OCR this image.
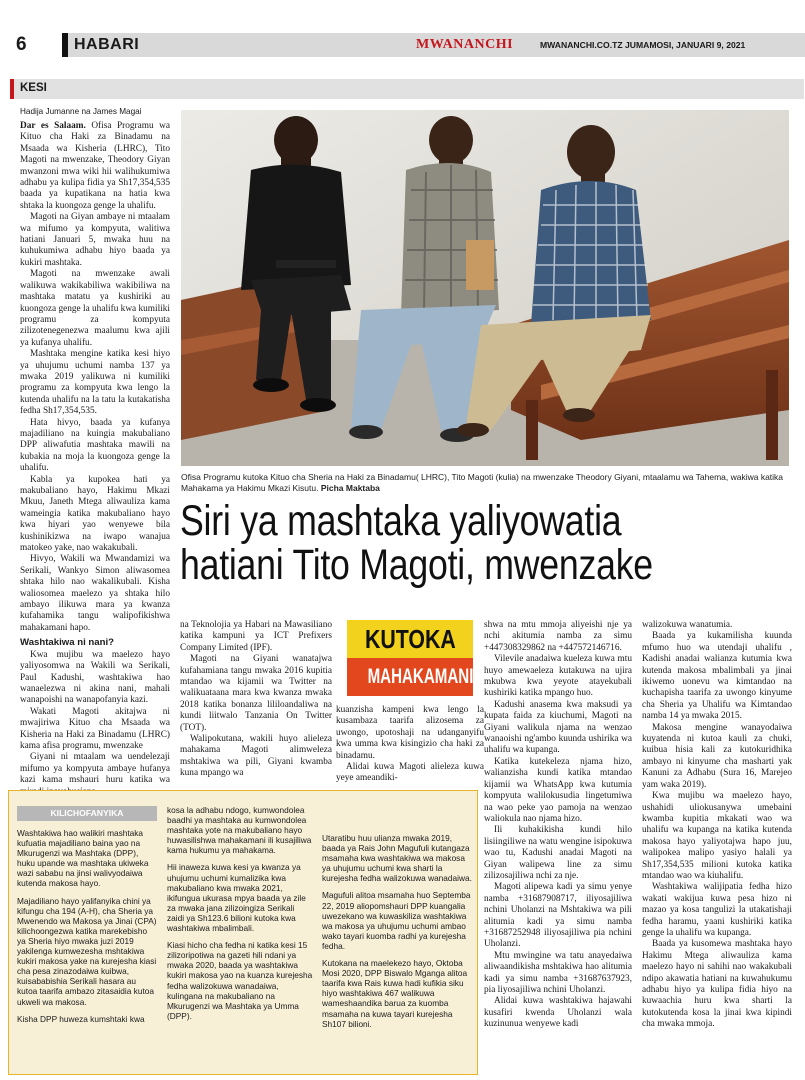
6	HABARI	MWANANCHI	MWANANCHI.CO.TZ JUMAMOSI, JANUARI 9, 2021
KESI
Hadija Jumanne na James Magai

Dar es Salaam. Ofisa Programu wa Kituo cha Haki za Binadamu na Msaada wa Kisheria (LHRC), Tito Magoti na mwenzake, Theodory Giyan mwanzoni mwa wiki hii walihukumiwa adhabu ya kulipa fidia ya Sh17,354,535 baada ya kupatikana na hatia kwa shtaka la kuongoza genge la uhalifu.

Magoti na Giyan ambaye ni mtaalam wa mifumo ya kompyuta, walitiwa hatiani Januari 5, mwaka huu na kuhukumiwa adhabu hiyo baada ya kukiri mashtaka.

Magoti na mwenzake awali walikuwa wakikabiliwa wakibiliwa na mashtaka matatu ya kushiriki au kuongoza genge la uhalifu kwa kumiliki programu za kompyuta zilizotenegenezwa maalumu kwa ajili ya kufanya uhalifu.

Mashtaka mengine katika kesi hiyo ya uhujumu uchumi namba 137 ya mwaka 2019 yalikuwa ni kumiliki programu za kompyuta kwa lengo la kutenda uhalifu na la tatu la kutakatisha fedha Sh17,354,535.

Hata hivyo, baada ya kufanya majadiliano na kuingia makubaliano DPP aliwafutia mashtaka mawili na kubakia na moja la kuongoza genge la uhalifu.

Kabla ya kupokea hati ya makubaliano hayo, Hakimu Mkazi Mkuu, Janeth Mtega aliwauliza kama wameingia katika makubaliano hayo kwa hiyari yao wenyewe bila kushinikizwa na iwapo wanajua matokeo yake, nao wakakubali.

Hivyo, Wakili wa Mwandamizi wa Serikali, Wankyo Simon aliwasomea shtaka hilo nao wakalikubali. Kisha waliosomea maelezo ya shtaka hilo ambayo ilikuwa mara ya kwanza kufahamika tangu walipofikishwa mahakamani hapo.

Washtakiwa ni nani?

Kwa mujibu wa maelezo hayo yaliyosomwa na Wakili wa Serikali, Paul Kadushi, washtakiwa hao wanaelezwa ni akina nani, mahali wanapoishi na wanapofanyia kazi.

Wakati Magoti akitajwa ni mwajiriwa Kituo cha Msaada wa Kisheria na Haki za Binadamu (LHRC) kama afisa programu, mwenzake

Giyani ni mtaalam wa uendelezaji mifumo ya kompyuta ambaye hufanya kazi kama mshauri huru katika wa

Ofisa Programu kutoka Kituo cha Sheria na Haki za Binadamu( LHRC), Tito Magoti (kulia) na mwenzake Theodory Giyani, mtaalamu wa Tahema, wakiwa katika Mahakama ya Hakimu Mkazi Kisutu. Picha Maktaba
Siri ya mashtaka yaliyowatia
hatiani Tito Magoti, mwenzake

na Teknolojia ya Habari na Mawasiliano katika kampuni ya ICT Prefixers Company Limited (IPF).

Magoti na Giyani wanatajwa kufahamiana tangu mwaka 2016 kupitia mtandao wa kijamii wa Twitter na walikuataana mara kwa kwanza mwaka 2018 katika bonanza lililoandaliwa na kundi liitwalo Tanzania On Twitter (TOT).

Walipokutana, wakili huyo alieleza mahakama Magoti alimweleza mshtakiwa wa pili, Giyani kwamba kuna mpango wa

KUTOKA
MAHAKAMANI

kuanzisha kampeni kwa lengo la kusambaza taarifa alizosema za uwongo, upotoshaji na udanganyifu kwa umma kwa kisingizio cha haki za binadamu.

Alidai kuwa Magoti alieleza kuwa yeye ameandiki-

shwa na mtu mmoja aliyeishi nje ya nchi akitumia namba za simu +447308329862 na +447572146716.

Vilevile anadaiwa kueleza kuwa mtu huyo amewaeleza kutakuwa na ujira mkubwa kwa yeyote atayekubali kushiriki katika mpango huo.

Kadushi anasema kwa maksudi ya kupata faida za kiuchumi, Magoti na Giyani walikula njama na wenzao wanaoishi ng'ambo kuunda ushirika wa uhalifu wa kupanga.

Katika kutekeleza njama hizo, walianzisha kundi katika mtandao kijamii wa WhatsApp kwa kutumia kompyuta walilokusudia lingetumiwa na wao peke yao pamoja na wenzao waliokula nao njama hizo.

Ili kuhakikisha kundi hilo lisiingiliwe na watu wengine isipokuwa wao tu, Kadushi anadai Magoti na Giyan walipewa line za simu zilizosajiliwa nchi za nje.

Magoti alipewa kadi ya simu yenye namba +31687908717, iliyosajiliwa nchini Uholanzi na Mshtakiwa wa pili alitumia kadi ya simu namba +31687252948 iliyosajiliwa pia nchini Uholanzi.

Mtu mwingine wa tatu anayedaiwa aliwaandikisha mshtakiwa hao alitumia kadi ya simu namba +31687637923, pia liyosajiliwa nchini Uholanzi.

Alidai kuwa washtakiwa hajawahi kusafiri kwenda Uholanzi wala kuzinunua wenyewe kadi

walizokuwa wanatumia.

Baada ya kukamilisha kuunda mfumo huo wa utendaji uhalifu , Kadishi anadai walianza kutumia kwa kutenda makosa mbalimbali ya jinai ikiwemo uonevu wa kimtandao na kuchapisha taarifa za uwongo kinyume cha Sheria ya Uhalifu wa Kimtandao namba 14 ya mwaka 2015.

Makosa mengine wanayodaiwa kuyatenda ni kutoa kauli za chuki, kuibua hisia kali za kutokuridhika ambayo ni kinyume cha masharti yak Kanuni za Adhabu (Sura 16, Marejeo yam waka 2019).

Kwa mujibu wa maelezo hayo, ushahidi uliokusanywa umebaini kwamba kupitia mkakati wao wa uhalifu wa kupanga na katika kutenda makosa hayo yaliyotajwa hapo juu, walipokea malipo yasiyo halali ya Sh17,354,535 milioni kutoka katika mtandao wao wa kiuhalifu.

Washtakiwa walijipatia fedha hizo wakati wakijua kuwa pesa hizo ni mazao ya kosa tangulizi la utakatishaji fedha haramu, yaani kushiriki katika genge la uhalifu wa kupanga.

Baada ya kusomewa mashtaka hayo Hakimu Mtega aliwauliza kama maelezo hayo ni sahihi nao wakakubali ndipo akawatia hatiani na kuwahukumu adhabu hiyo ya kulipa fidia hiyo na kuwaachia huru kwa sharti la kutokutenda kosa la jinai kwa kipindi cha mwaka mmoja.

KILICHOFANYIKA

Washtakiwa hao walikiri mashtaka kufuatia majadiliano baina yao na Mkurugenzi wa Mashtaka (DPP), huku upande wa mashtaka ukiweka wazi sababu na jinsi walivyodaiwa kutenda makosa hayo.

Majadiliano hayo yalifanyika chini ya kifungu cha 194 (A-H), cha Sheria ya Mwenendo wa Makosa ya Jinai (CPA) kilichoongezwa katika marekebisho ya Sheria hiyo mwaka juzi 2019 yakilenga kumwezesha mshtakiwa kukiri makosa yake na kurejesha kiasi cha pesa zinazodaiwa kuibwa, kuisababishia Serikali hasara au kutoa taarifa ambazo zitasaidia kutoa ukweli wa makosa.

Kisha DPP huweza kumshtaki kwa

kosa la adhabu ndogo, kumwondolea baadhi ya mashtaka au kumwondolea mashtaka yote na makubaliano hayo huwasilishwa mahakamani ili kusajiliwa kama hukumu ya mahakama.

Hii inaweza kuwa kesi ya kwanza ya uhujumu uchumi kumalizika kwa makubaliano kwa mwaka 2021, ikifungua ukurasa mpya baada ya zile za mwaka jana zilizoingiza Serikali zaidi ya Sh123.6 bilioni kutoka kwa washtakiwa mbalimbali.

Kiasi hicho cha fedha ni katika kesi 15 zilizoripotiwa na gazeti hili ndani ya mwaka 2020, baada ya washtakiwa kukiri makosa yao na kuanza kurejesha fedha walizokuwa wanadaiwa, kulingana na makubaliano na Mkurugenzi wa Mashtaka ya Umma (DPP).

Utaratibu huu ulianza mwaka 2019, baada ya Rais John Magufuli kutangaza msamaha kwa washtakiwa wa makosa ya uhujumu uchumi kwa sharti la kurejesha fedha walizokuwa wanadaiwa.

Magufuli alitoa msamaha huo Septemba 22, 2019 aliopomshauri DPP kuangalia uwezekano wa kuwaskiliza washtakiwa wa makosa ya uhujumu uchumi ambao wako tayari kuomba radhi ya kurejesha fedha.

Kutokana na maelekezo hayo, Oktoba Mosi 2020, DPP Biswalo Mganga alitoa taarifa kwa Rais kuwa hadi kufikia siku hiyo washtakiwa 467 walikuwa wameshaandika barua za kuomba msamaha na kuwa tayari kurejesha Sh107 bilioni.
